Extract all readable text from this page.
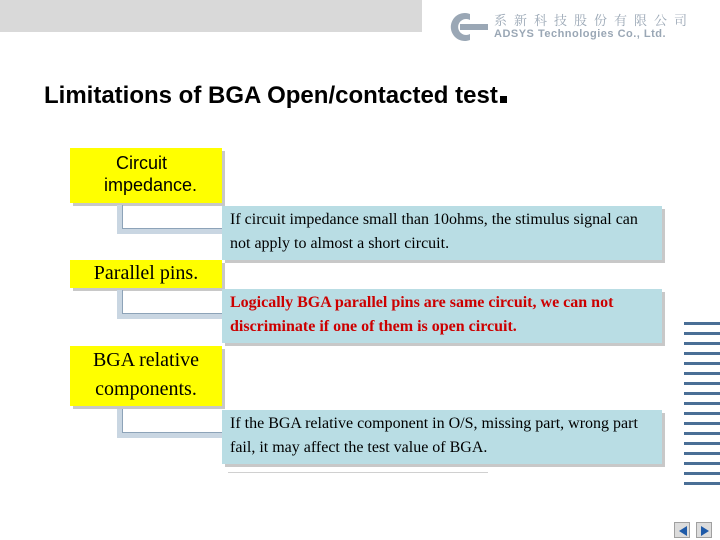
系新科技股份有限公司
ADSYS Technologies Co., Ltd.
Limitations of BGA Open/contacted test
Circuit
impedance.
If circuit impedance small than 10ohms, the stimulus signal can not apply to almost a short circuit.
Parallel pins.
Logically BGA parallel pins are same circuit, we can not discriminate if one of them is open circuit.
BGA relative
components.
If the BGA relative component in O/S, missing part, wrong part fail, it may affect the test value of BGA.
